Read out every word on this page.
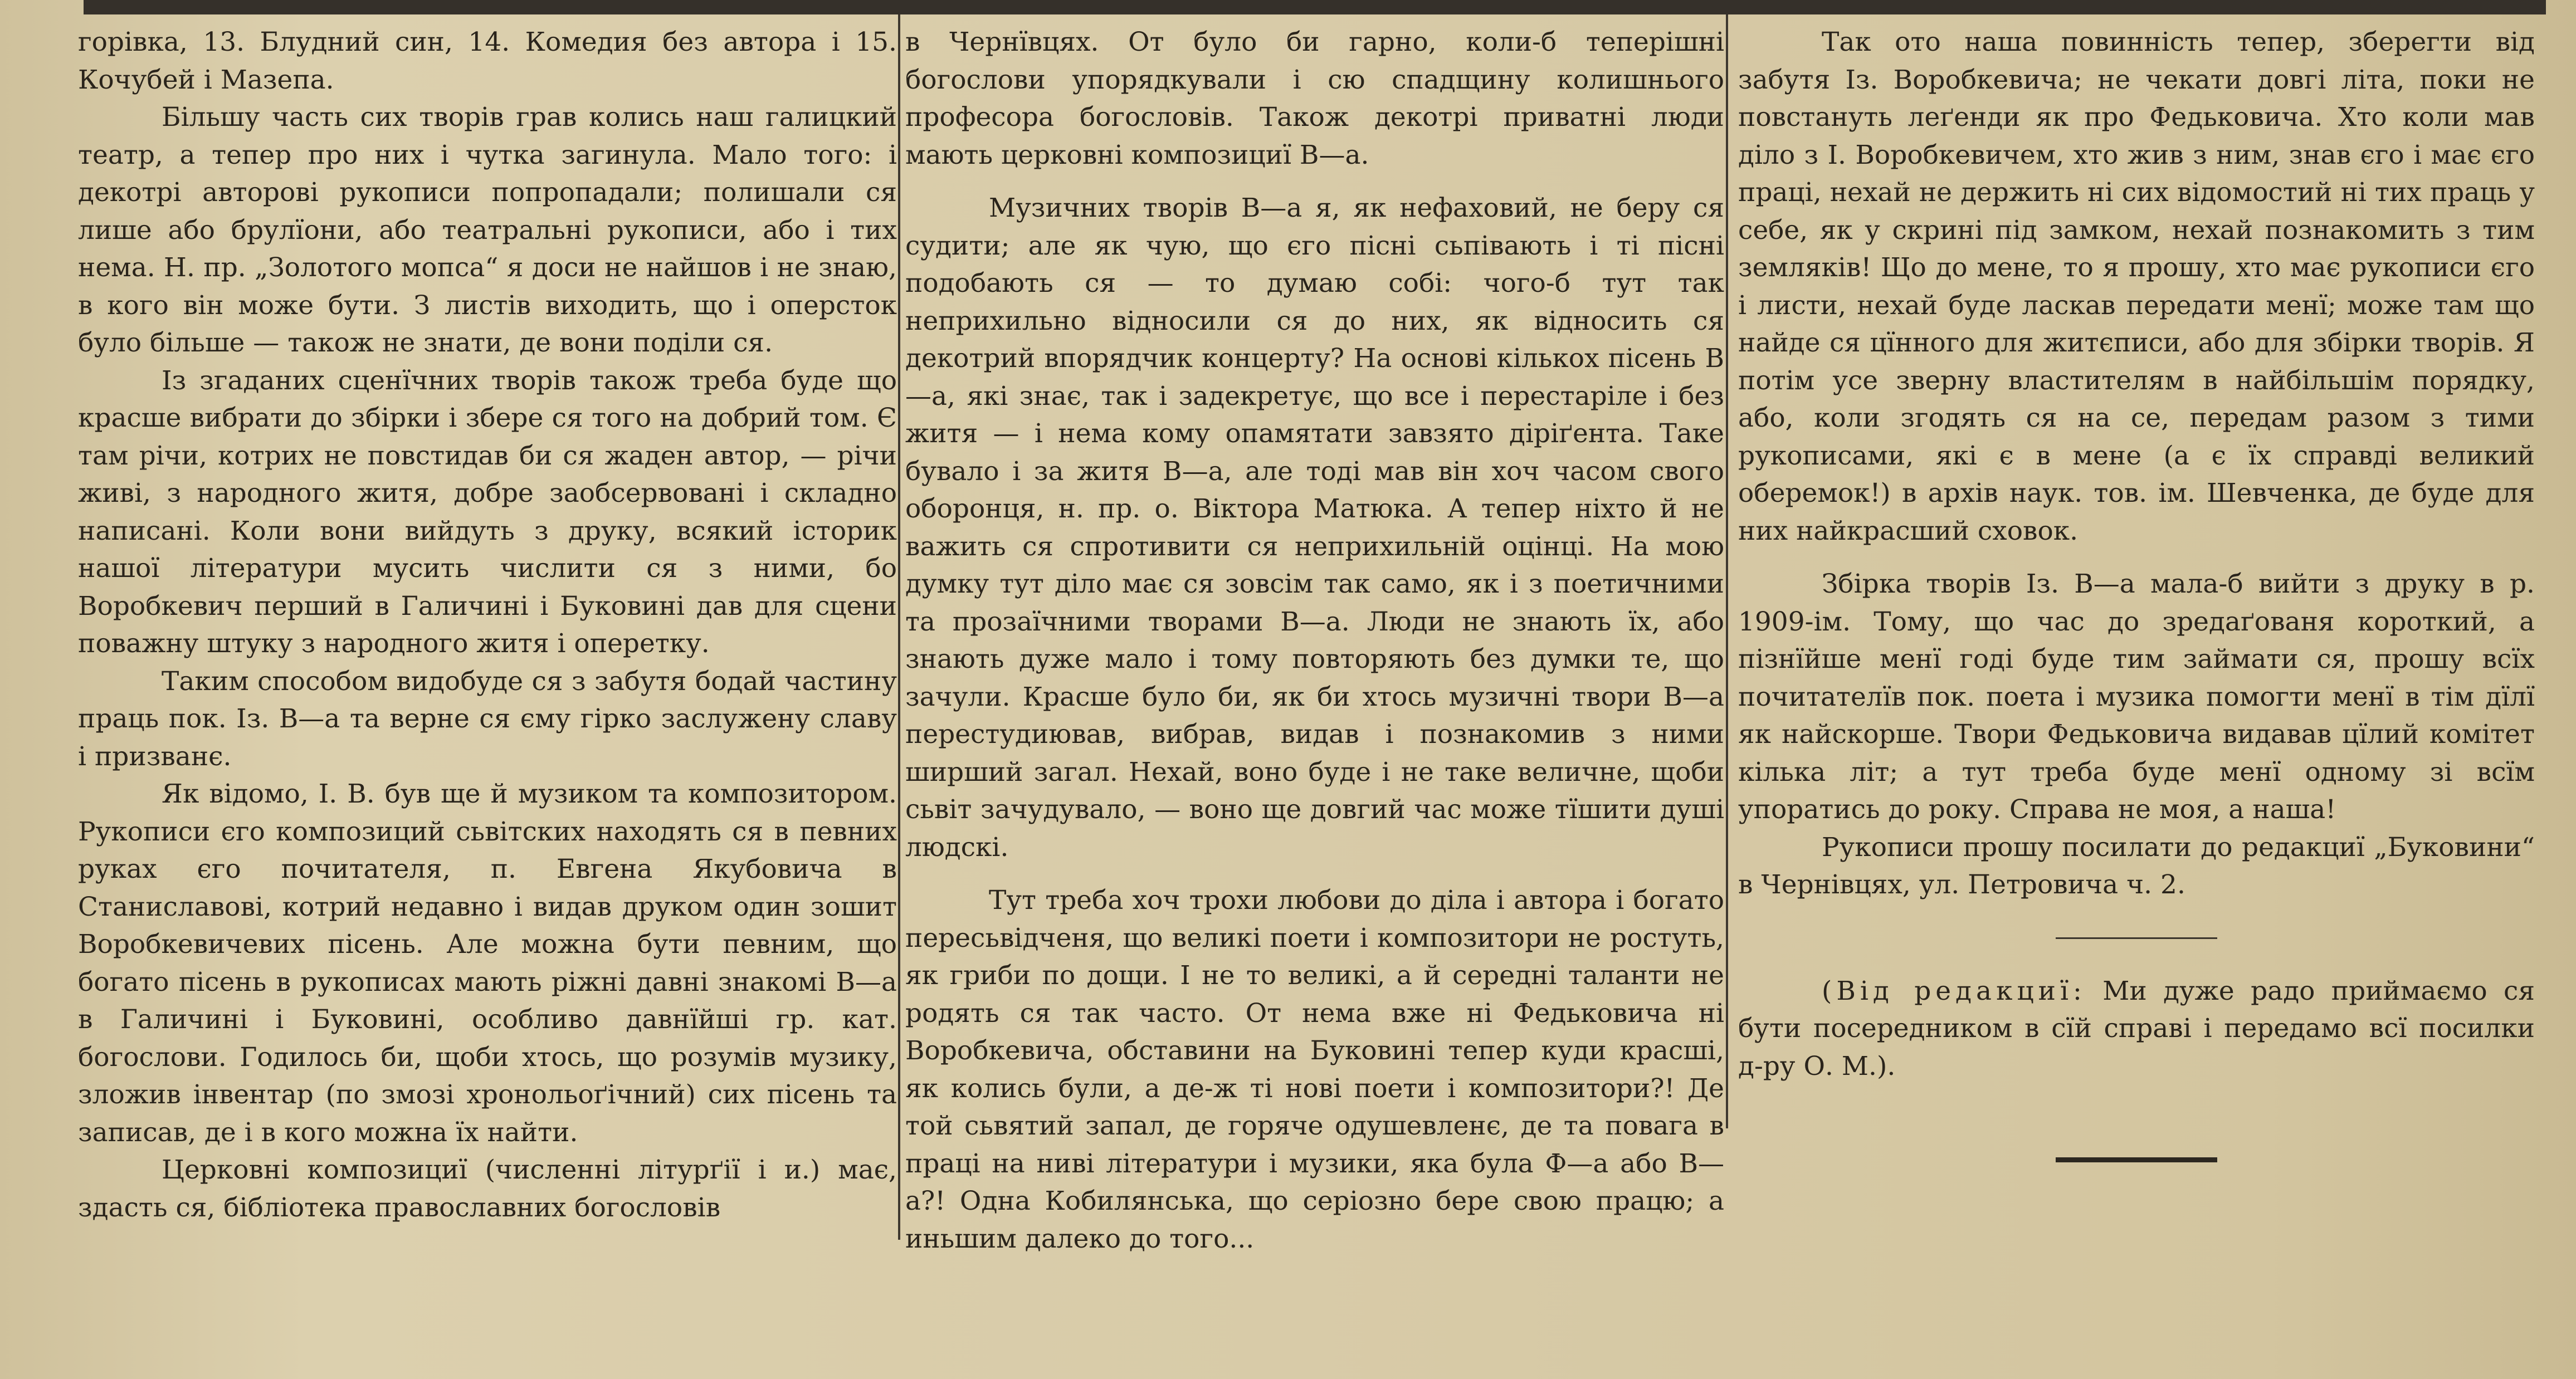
горівка, 13. Блудний син, 14. Комедия без автора і 15. Кочубей і Мазепа.

Більшу часть сих творів грав колись наш галицкий театр, а тепер про них і чутка загинула. Мало того: і декотрі авторові рукописи попропадали; полишали ся лише або брулїони, або театральні рукописи, або і тих нема. Н. пр. „Золотого мопса“ я доси не найшов і не знаю, в кого він може бути. З листів виходить, що і оперсток було більше — також не знати, де вони поділи ся.

Із згаданих сценїчних творів також треба буде що красше вибрати до збірки і збере ся того на добрий том. Є там річи, котрих не повстидав би ся жаден автор, — річи живі, з народного житя, добре заобсервовані і складно написані. Коли вони вийдуть з друку, всякий історик нашої літератури мусить числити ся з ними, бо Воробкевич перший в Галичині і Буковині дав для сцени поважну штуку з народного житя і оперетку.

Таким способом видобуде ся з забутя бодай частину праць пок. Із. В—а та верне ся єму гірко заслужену славу і призванє.

Як відомо, І. В. був ще й музиком та композитором. Рукописи єго композиций сьвітских находять ся в певних руках єго почитателя, п. Евгена Якубовича в Станиславові, котрий недавно і видав друком один зошит Воробкевичевих пісень. Але можна бути певним, що богато пісень в рукописах мають ріжні давні знакомі В—а в Галичині і Буковині, особливо давнїйші гр. кат. богослови. Годилось би, щоби хтось, що розумів музику, зложив інвентар (по змозі хронольоґічний) сих пісень та записав, де і в кого можна їх найти.

Церковні композициї (численні літурґії і и.) має, здасть ся, бібліотека православних богословів

в Чернївцях. От було би гарно, коли-б теперішні богослови упорядкували і сю спадщину колишнього професора богословів. Також декотрі приватні люди мають церковні композициї В—а.

Музичних творів В—а я, як нефаховий, не беру ся судити; але як чую, що єго пісні сьпівають і ті пісні подобають ся — то думаю собі: чого-б тут так неприхильно відносили ся до них, як відносить ся декотрий впорядчик концерту? На основі кількох пісень В—а, які знає, так і задекретує, що все і перестаріле і без житя — і нема кому опамятати завзято діріґента. Таке бувало і за житя В—а, але тоді мав він хоч часом свого оборонця, н. пр. о. Віктора Матюка. А тепер ніхто й не важить ся спротивити ся неприхильній оцінці. На мою думку тут діло має ся зовсім так само, як і з поетичними та прозаїчними творами В—а. Люди не знають їх, або знають дуже мало і тому повторяють без думки те, що зачули. Красше було би, як би хтось музичні твори В—а перестудиював, вибрав, видав і познакомив з ними ширший загал. Нехай, воно буде і не таке величне, щоби сьвіт зачудувало, — воно ще довгий час може тїшити душі людскі.

Тут треба хоч трохи любови до діла і автора і богато пересьвідченя, що великі поети і композитори не ростуть, як гриби по дощи. І не то великі, а й середні таланти не родять ся так часто. От нема вже ні Федьковича ні Воробкевича, обставини на Буковині тепер куди красші, як колись були, а де-ж ті нові поети і композитори?! Де той сьвятий запал, де горяче одушевленє, де та повага в праці на ниві літератури і музики, яка була Ф—а або В—а?! Одна Кобилянська, що серіозно бере свою працю; а иньшим далеко до того...

Так ото наша повинність тепер, зберегти від забутя Із. Воробкевича; не чекати довгі літа, поки не повстануть леґенди як про Федьковича. Хто коли мав діло з І. Воробкевичем, хто жив з ним, знав єго і має єго праці, нехай не держить ні сих відомостий ні тих праць у себе, як у скрині під замком, нехай познакомить з тим земляків! Що до мене, то я прошу, хто має рукописи єго і листи, нехай буде ласкав передати менї; може там що найде ся цїнного для житєписи, або для збірки творів. Я потім усе зверну властителям в найбільшім порядку, або, коли згодять ся на се, передам разом з тими рукописами, які є в мене (а є їх справді великий оберемок!) в архів наук. тов. ім. Шевченка, де буде для них найкрасший сховок.

Збірка творів Із. В—а мала-б вийти з друку в р. 1909-ім. Тому, що час до зредаґованя короткий, а пізнїйше менї годі буде тим займати ся, прошу всїх почитателїв пок. поета і музика помогти менї в тім дїлї як найскорше. Твори Федьковича видавав цїлий комітет кілька літ; а тут треба буде менї одному зі всїм упоратись до року. Справа не моя, а наша!

Рукописи прошу посилати до редакциї „Буковини“ в Чернівцях, ул. Петровича ч. 2.

(Від редакциї: Ми дуже радо приймаємо ся бути посередником в сїй справі і передамо всї посилки д-ру О. М.).
